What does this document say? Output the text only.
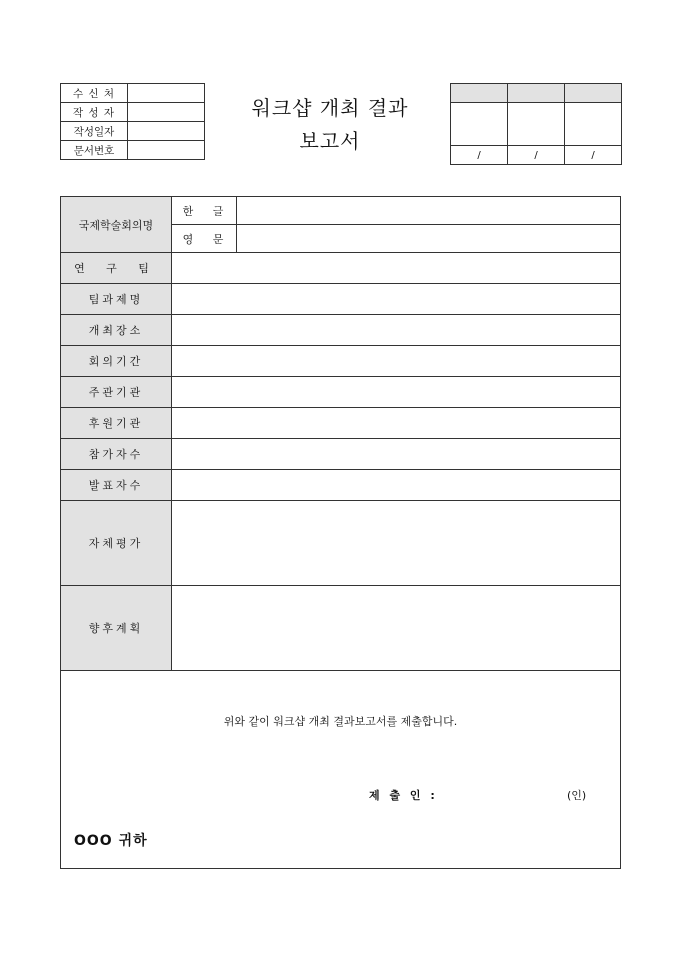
수 신 처	
작 성 자	
작성일자	
문서번호	
워크샵 개최 결과
보고서

/	/	/
국제학술회의명	한 글	
	영 문	
연 구 팀		
팀과제명		
개최장소		
회의기간		
주관기관		
후원기관		
참가자수		
발표자수		
자체평가		
향후계획		

위와 같이 워크샵 개최 결과보고서를 제출합니다.
제 출 인 : (인)
OOO 귀하		
